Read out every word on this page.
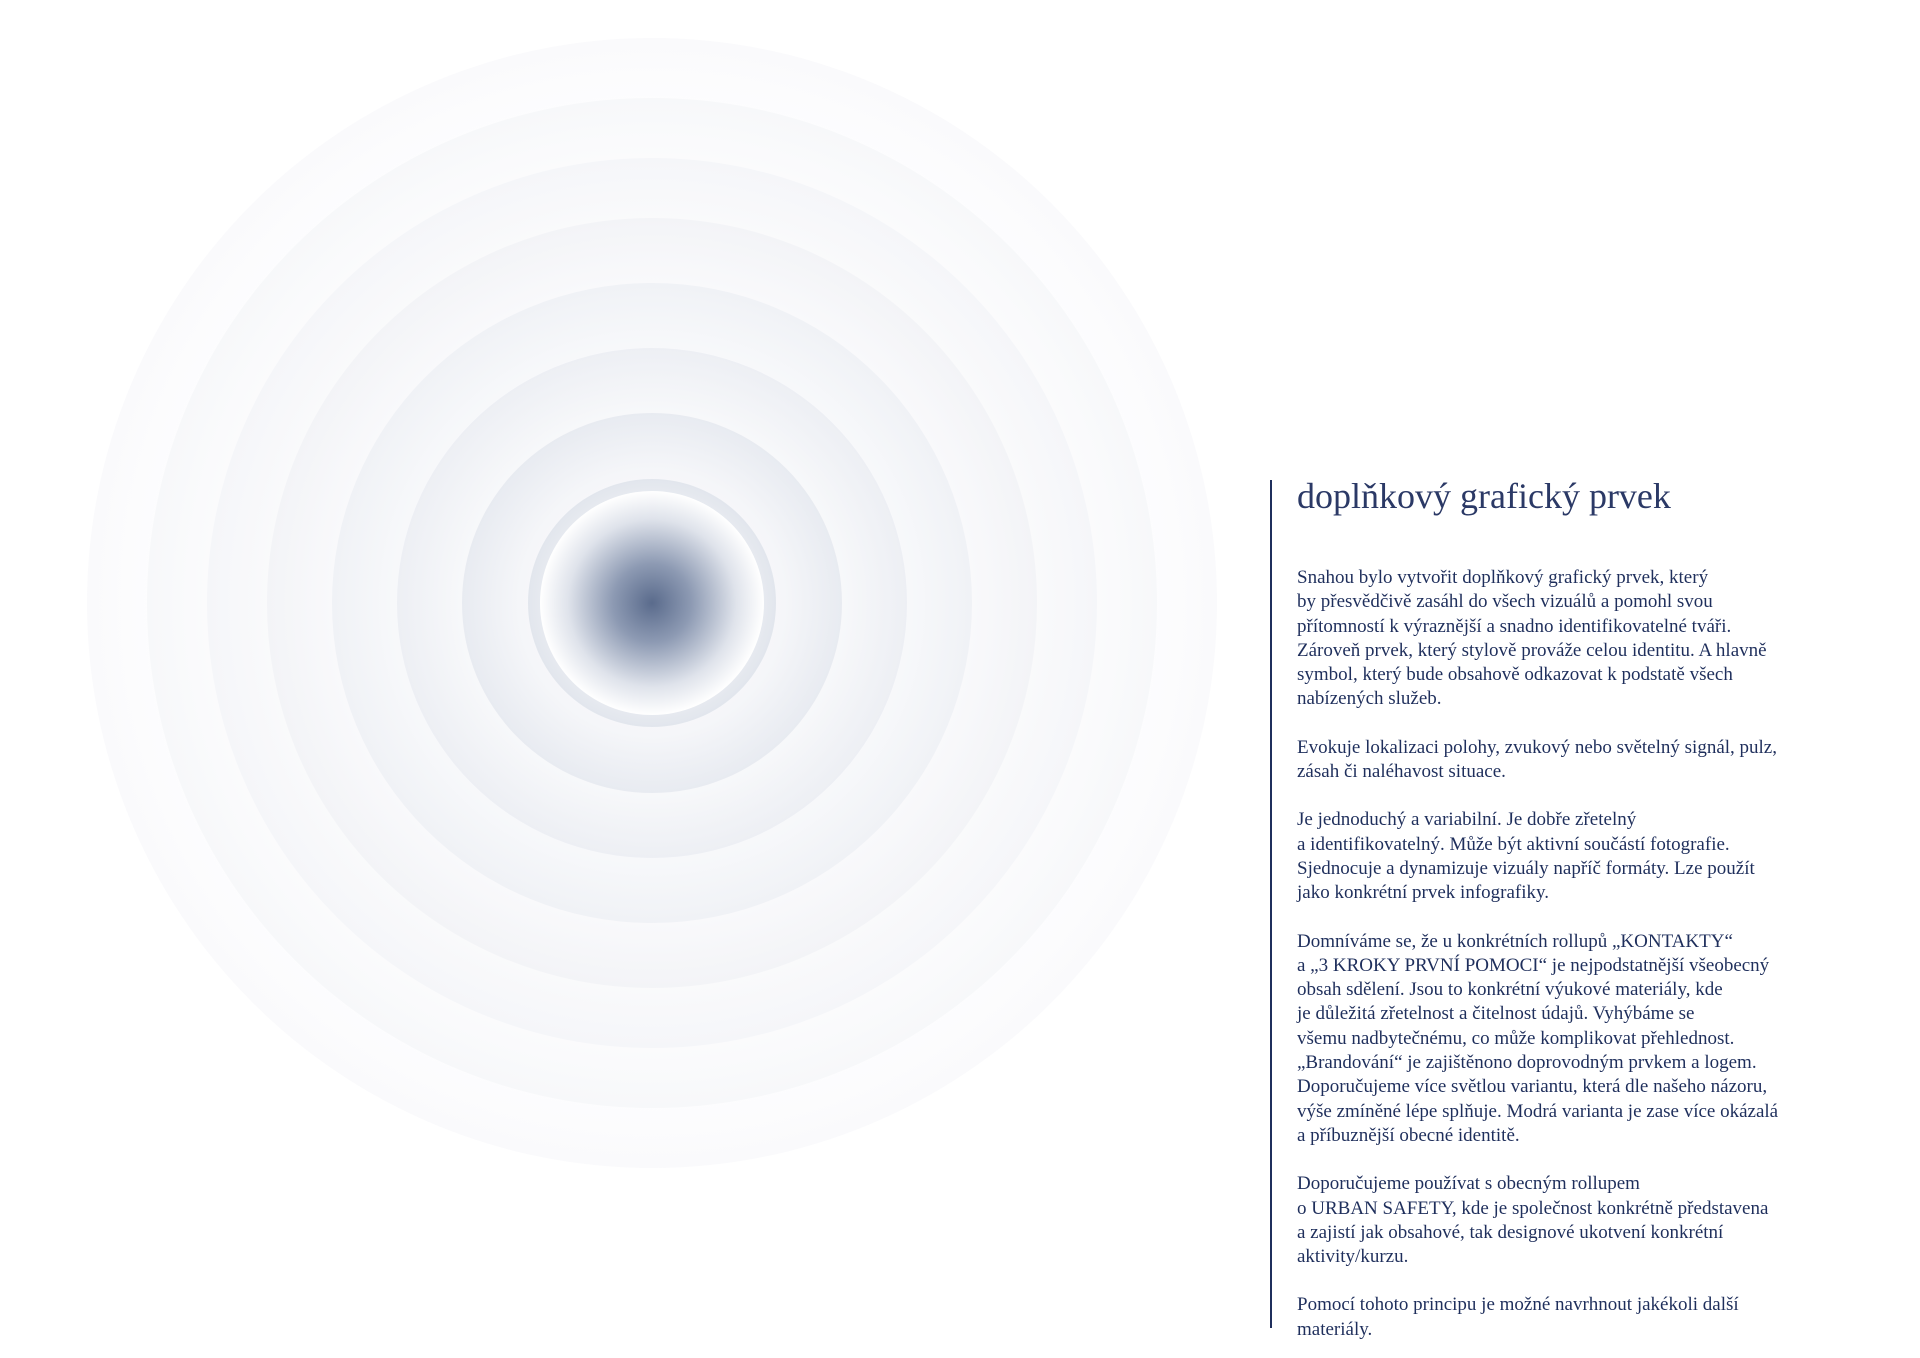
doplňkový grafický prvek

Snahou bylo vytvořit doplňkový grafický prvek, který
by přesvědčivě zasáhl do všech vizuálů a pomohl svou
přítomností k výraznější a snadno identifikovatelné tváři.
Zároveň prvek, který stylově prováže celou identitu. A hlavně
symbol, který bude obsahově odkazovat k podstatě všech
nabízených služeb.

Evokuje lokalizaci polohy, zvukový nebo světelný signál, pulz,
zásah či naléhavost situace.

Je jednoduchý a variabilní. Je dobře zřetelný
a identifikovatelný. Může být aktivní součástí fotografie.
Sjednocuje a dynamizuje vizuály napříč formáty. Lze použít
jako konkrétní prvek infografiky.

Domníváme se, že u konkrétních rollupů „KONTAKTY“
a „3 KROKY PRVNÍ POMOCI“ je nejpodstatnější všeobecný
obsah sdělení. Jsou to konkrétní výukové materiály, kde
je důležitá zřetelnost a čitelnost údajů. Vyhýbáme se
všemu nadbytečnému, co může komplikovat přehlednost.
„Brandování“ je zajištěnono doprovodným prvkem a logem.
Doporučujeme více světlou variantu, která dle našeho názoru,
výše zmíněné lépe splňuje. Modrá varianta je zase více okázalá
a příbuznější obecné identitě.

Doporučujeme používat s obecným rollupem
o URBAN SAFETY, kde je společnost konkrétně představena
a zajistí jak obsahové, tak designové ukotvení konkrétní
aktivity/kurzu.

Pomocí tohoto principu je možné navrhnout jakékoli další
materiály.
